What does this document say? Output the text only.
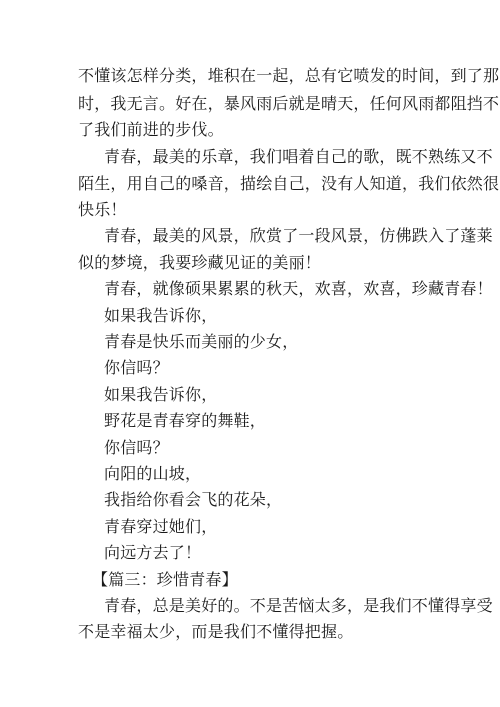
不懂该怎样分类，堆积在一起，总有它喷发的时间，到了那
时，我无言。好在，暴风雨后就是晴天，任何风雨都阻挡不
了我们前进的步伐。
青春，最美的乐章，我们唱着自己的歌，既不熟练又不
陌生，用自己的嗓音，描绘自己，没有人知道，我们依然很
快乐！
青春，最美的风景，欣赏了一段风景，仿佛跌入了蓬莱
似的梦境，我要珍藏见证的美丽！
青春，就像硕果累累的秋天，欢喜，欢喜，珍藏青春！
如果我告诉你，
青春是快乐而美丽的少女，
你信吗？
如果我告诉你，
野花是青春穿的舞鞋，
你信吗？
向阳的山坡，
我指给你看会飞的花朵，
青春穿过她们，
向远方去了！
【篇三：珍惜青春】
青春，总是美好的。不是苦恼太多，是我们不懂得享受
不是幸福太少，而是我们不懂得把握。
